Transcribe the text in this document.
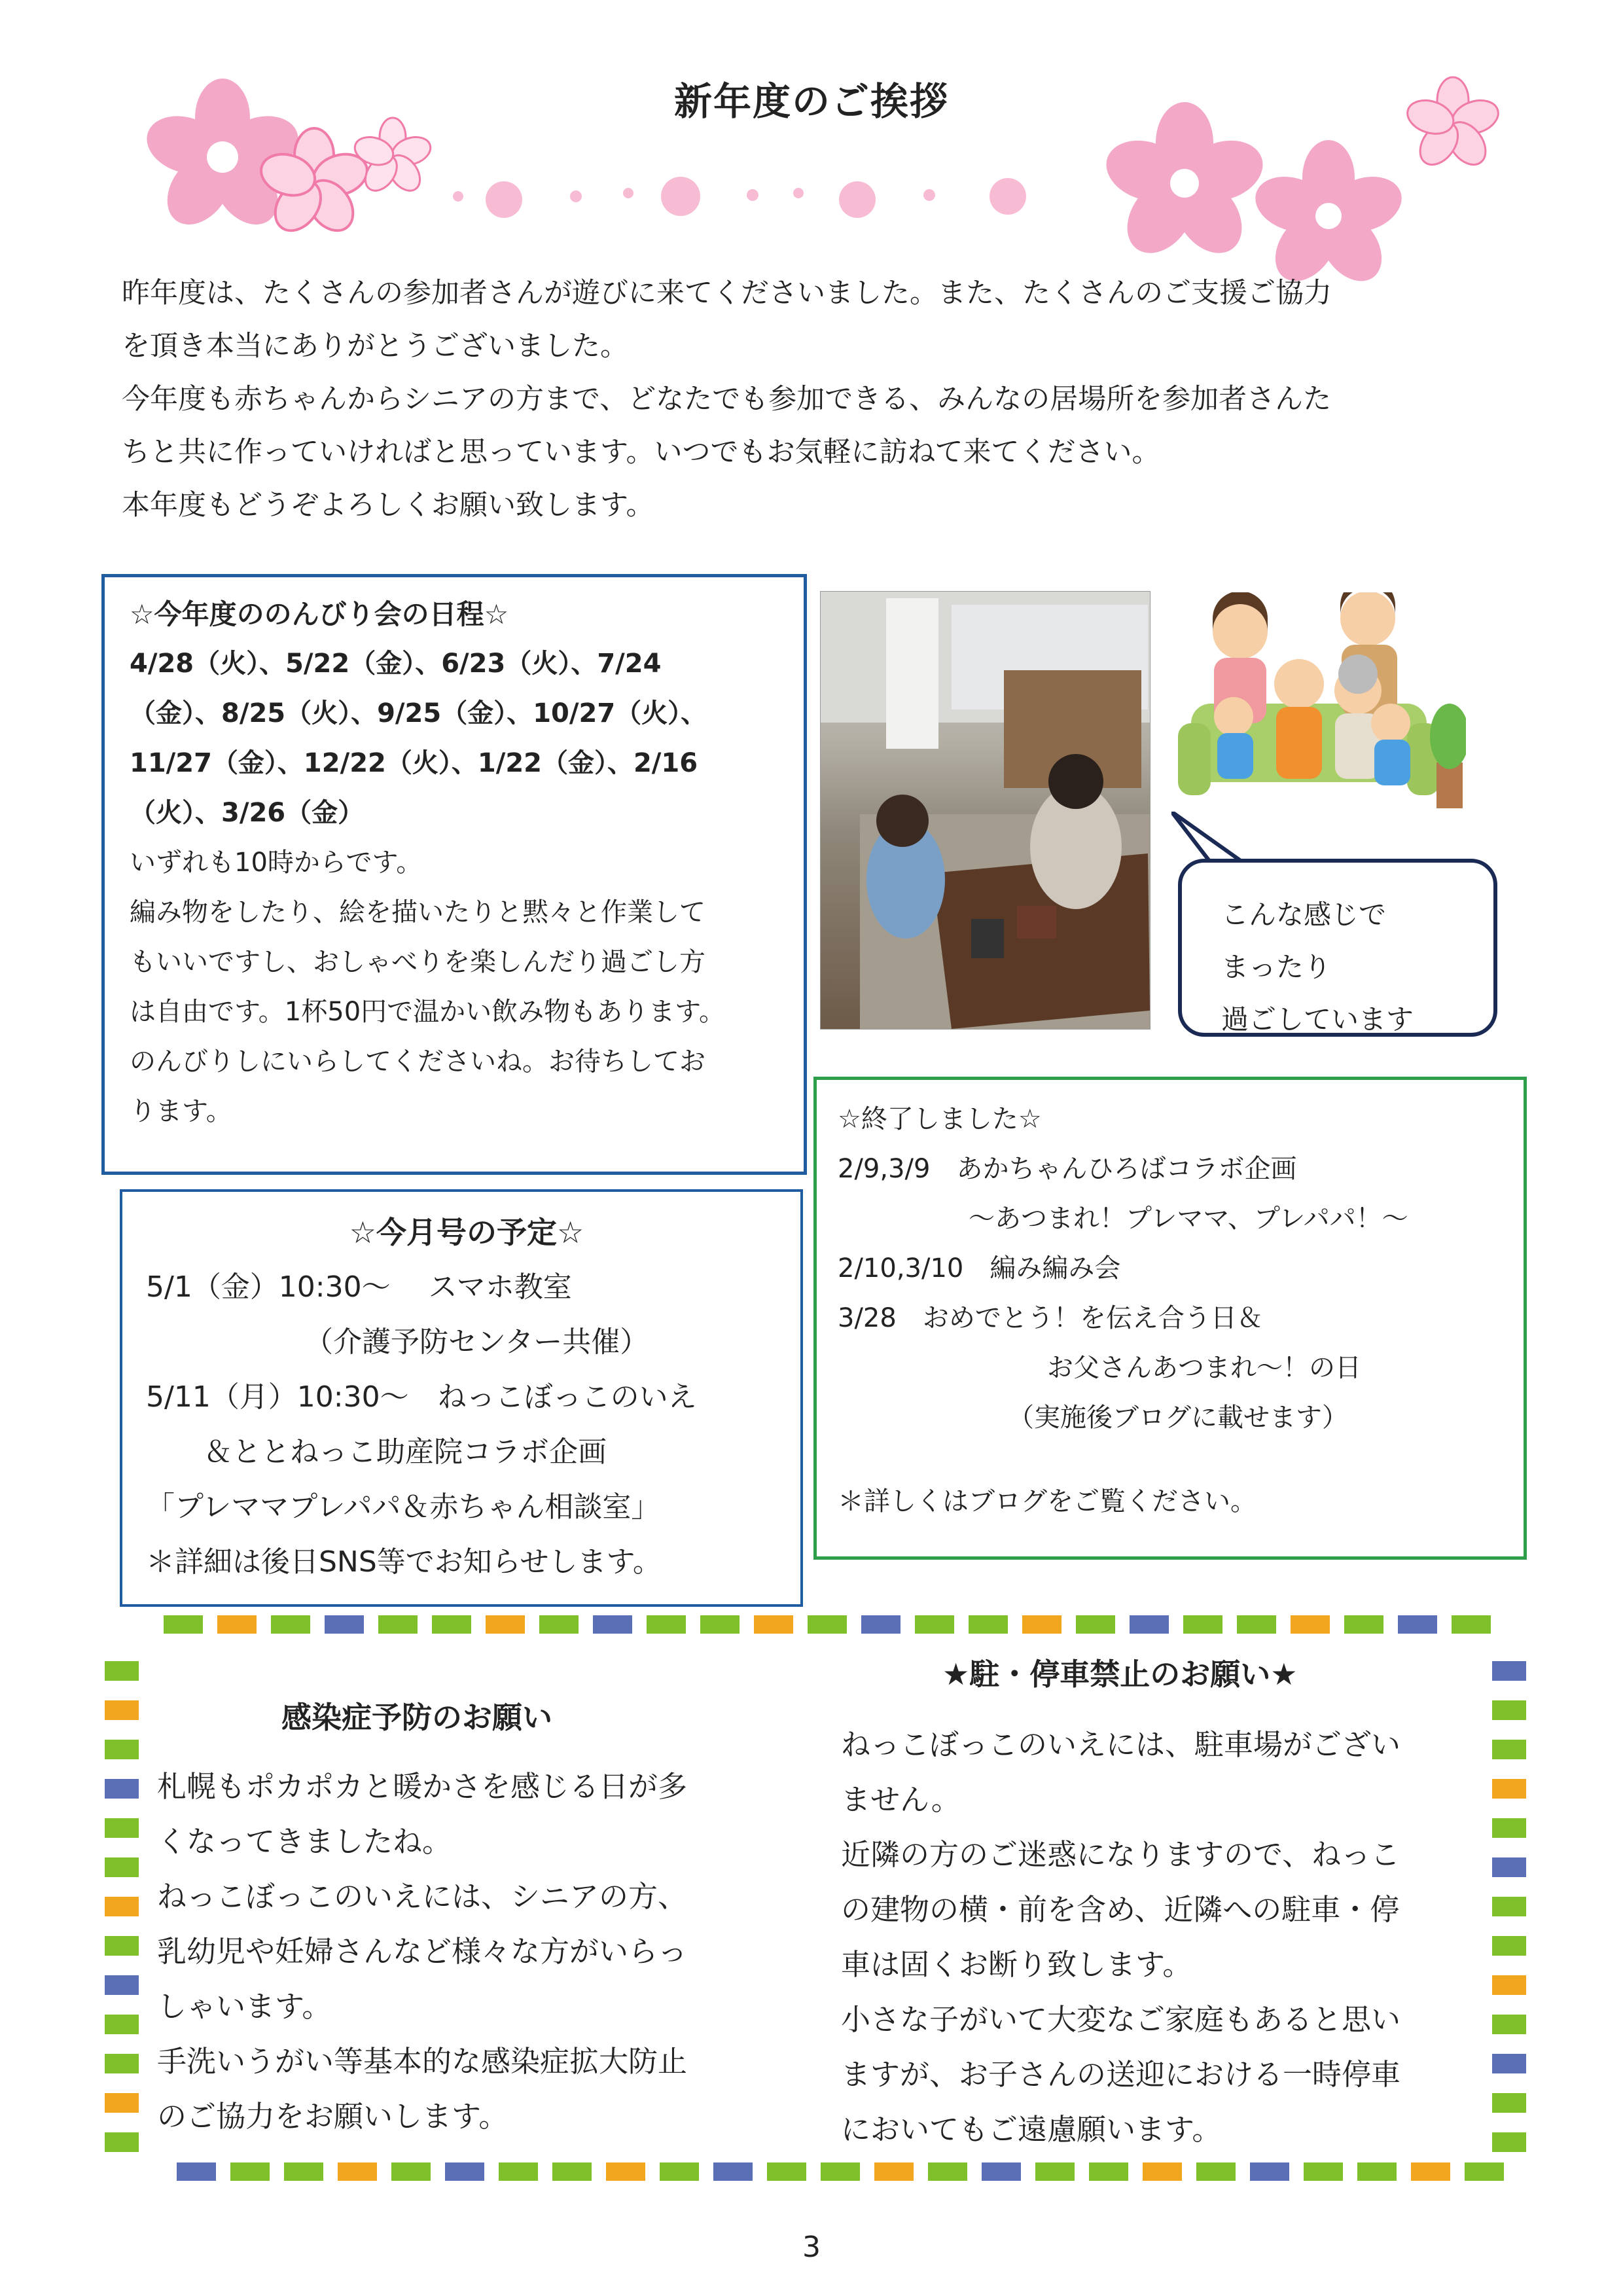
新年度のご挨拶

昨年度は、たくさんの参加者さんが遊びに来てくださいました。また、たくさんのご支援ご協力

を頂き本当にありがとうございました。

今年度も赤ちゃんからシニアの方まで、どなたでも参加できる、みんなの居場所を参加者さんた

ちと共に作っていければと思っています。いつでもお気軽に訪ねて来てください。

本年度もどうぞよろしくお願い致します。

☆今年度ののんびり会の日程☆

4/28（火）、5/22（金）、6/23（火）、7/24

（金）、8/25（火）、9/25（金）、10/27（火）、

11/27（金）、12/22（火）、1/22（金）、2/16

（火）、3/26（金）

いずれも10時からです。

編み物をしたり、絵を描いたりと黙々と作業して

もいいですし、おしゃべりを楽しんだり過ごし方

は自由です。1杯50円で温かい飲み物もあります。

のんびりしにいらしてくださいね。お待ちしてお

ります。

こんな感じで

まったり

過ごしています

☆終了しました☆

2/9,3/9　あかちゃんひろばコラボ企画

　　　　　～あつまれ！プレママ、プレパパ！～

2/10,3/10　編み編み会

3/28　おめでとう！を伝え合う日＆

　　　　　　　　お父さんあつまれ～！の日

　　　　　　　（実施後ブログに載せます）

＊詳しくはブログをご覧ください。

☆今月号の予定☆

5/1（金）10:30～　 スマホ教室

　　　　　　（介護予防センター共催）

5/11（月）10:30～　ねっこぼっこのいえ

　　＆ととねっこ助産院コラボ企画

「プレママプレパパ＆赤ちゃん相談室」

＊詳細は後日SNS等でお知らせします。

感染症予防のお願い

札幌もポカポカと暖かさを感じる日が多

くなってきましたね。

ねっこぼっこのいえには、シニアの方、

乳幼児や妊婦さんなど様々な方がいらっ

しゃいます。

手洗いうがい等基本的な感染症拡大防止

のご協力をお願いします。

★駐・停車禁止のお願い★

ねっこぼっこのいえには、駐車場がござい

ません。

近隣の方のご迷惑になりますので、ねっこ

の建物の横・前を含め、近隣への駐車・停

車は固くお断り致します。

小さな子がいて大変なご家庭もあると思い

ますが、お子さんの送迎における一時停車

においてもご遠慮願います。

3
